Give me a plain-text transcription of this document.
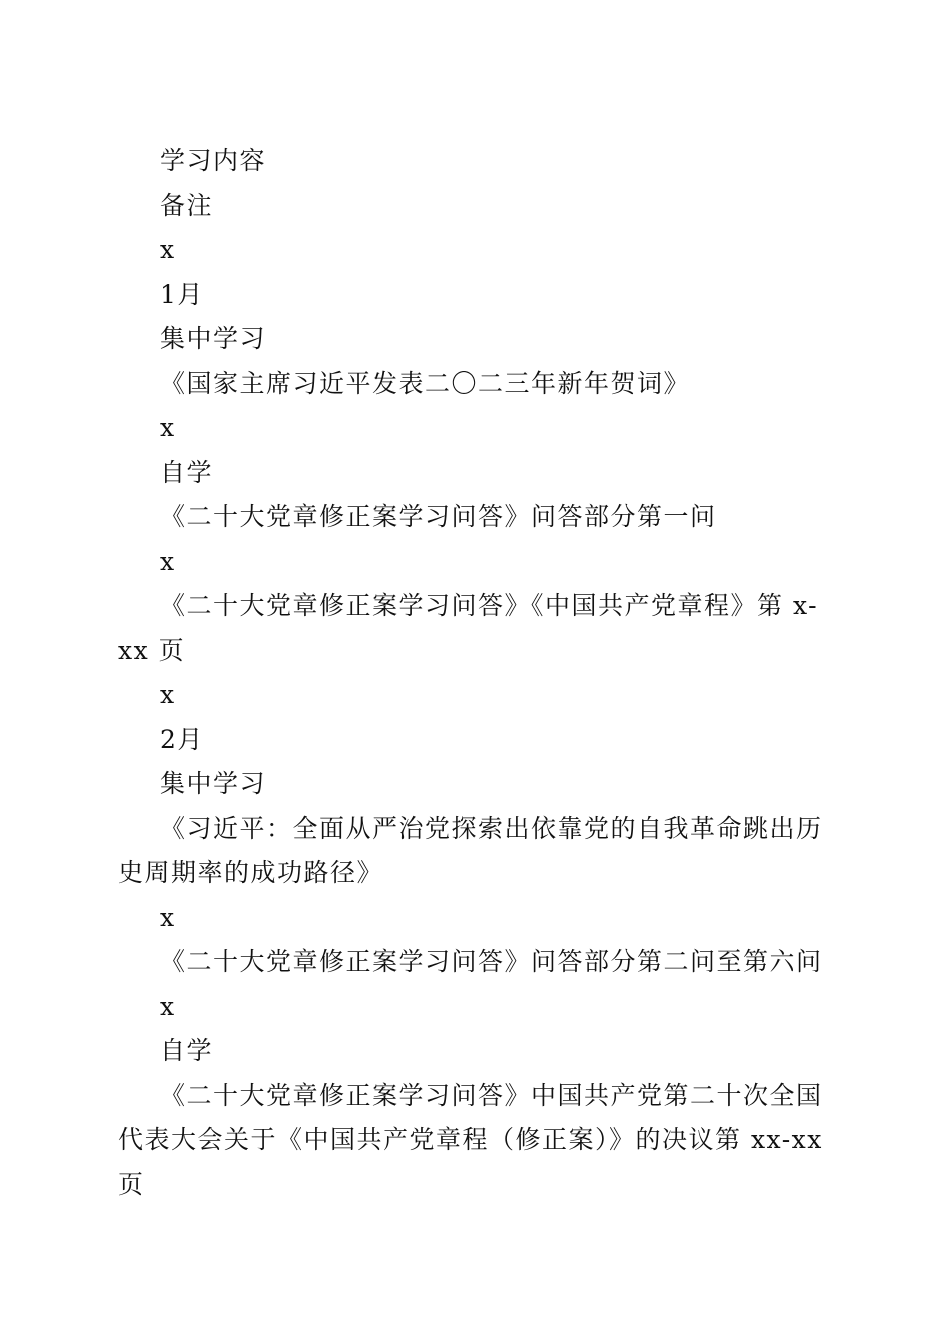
学习内容

备注

x

1月

集中学习

《国家主席习近平发表二〇二三年新年贺词》

x

自学

《二十大党章修正案学习问答》问答部分第一问

x

《二十大党章修正案学习问答》《中国共产党章程》第 x-xx 页

x

2月

集中学习

《习近平：全面从严治党探索出依靠党的自我革命跳出历史周期率的成功路径》

x

《二十大党章修正案学习问答》问答部分第二问至第六问

x

自学

《二十大党章修正案学习问答》中国共产党第二十次全国代表大会关于《中国共产党章程（修正案）》的决议第 xx-xx 页
